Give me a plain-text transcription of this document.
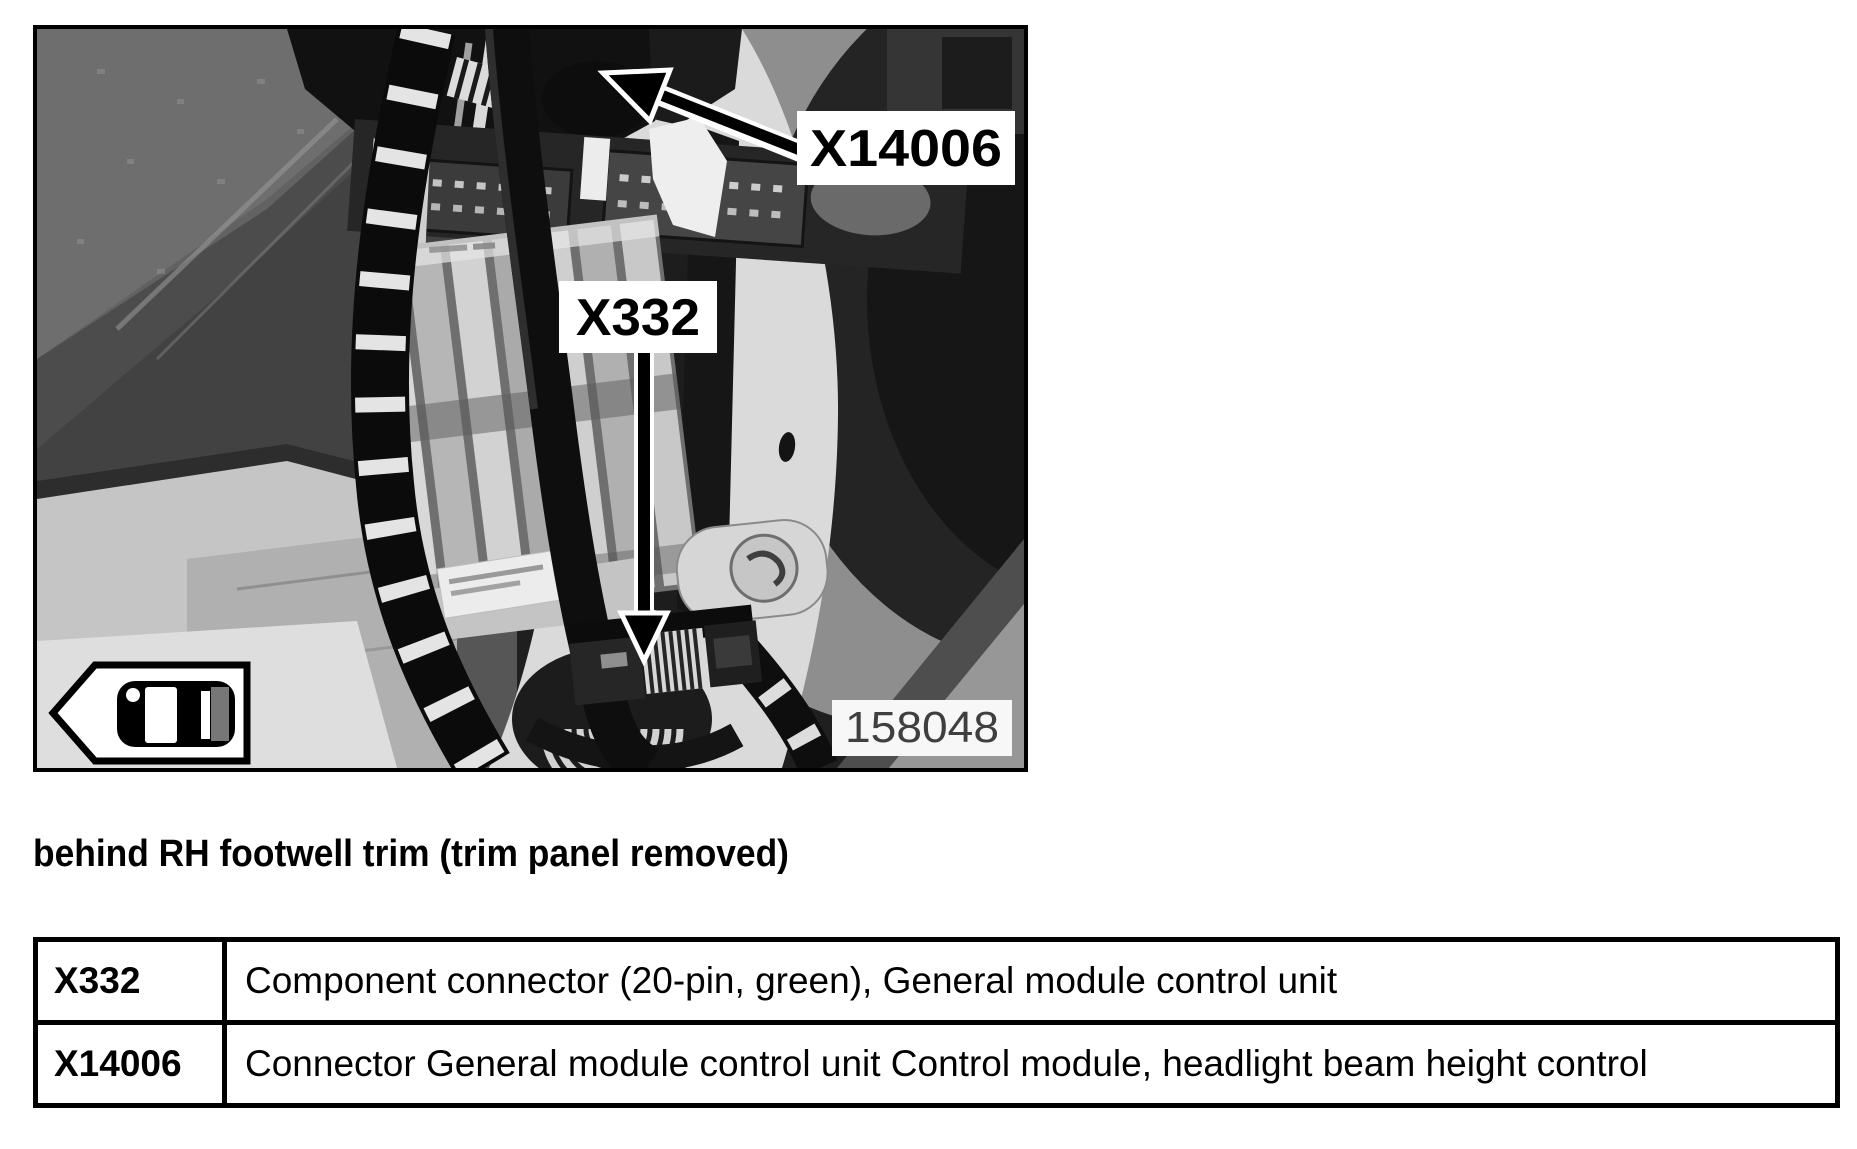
X332
X14006
158048
behind RH footwell trim (trim panel removed)
X332	Component connector (20-pin, green), General module control unit
X14006	Connector General module control unit Control module, headlight beam height control
